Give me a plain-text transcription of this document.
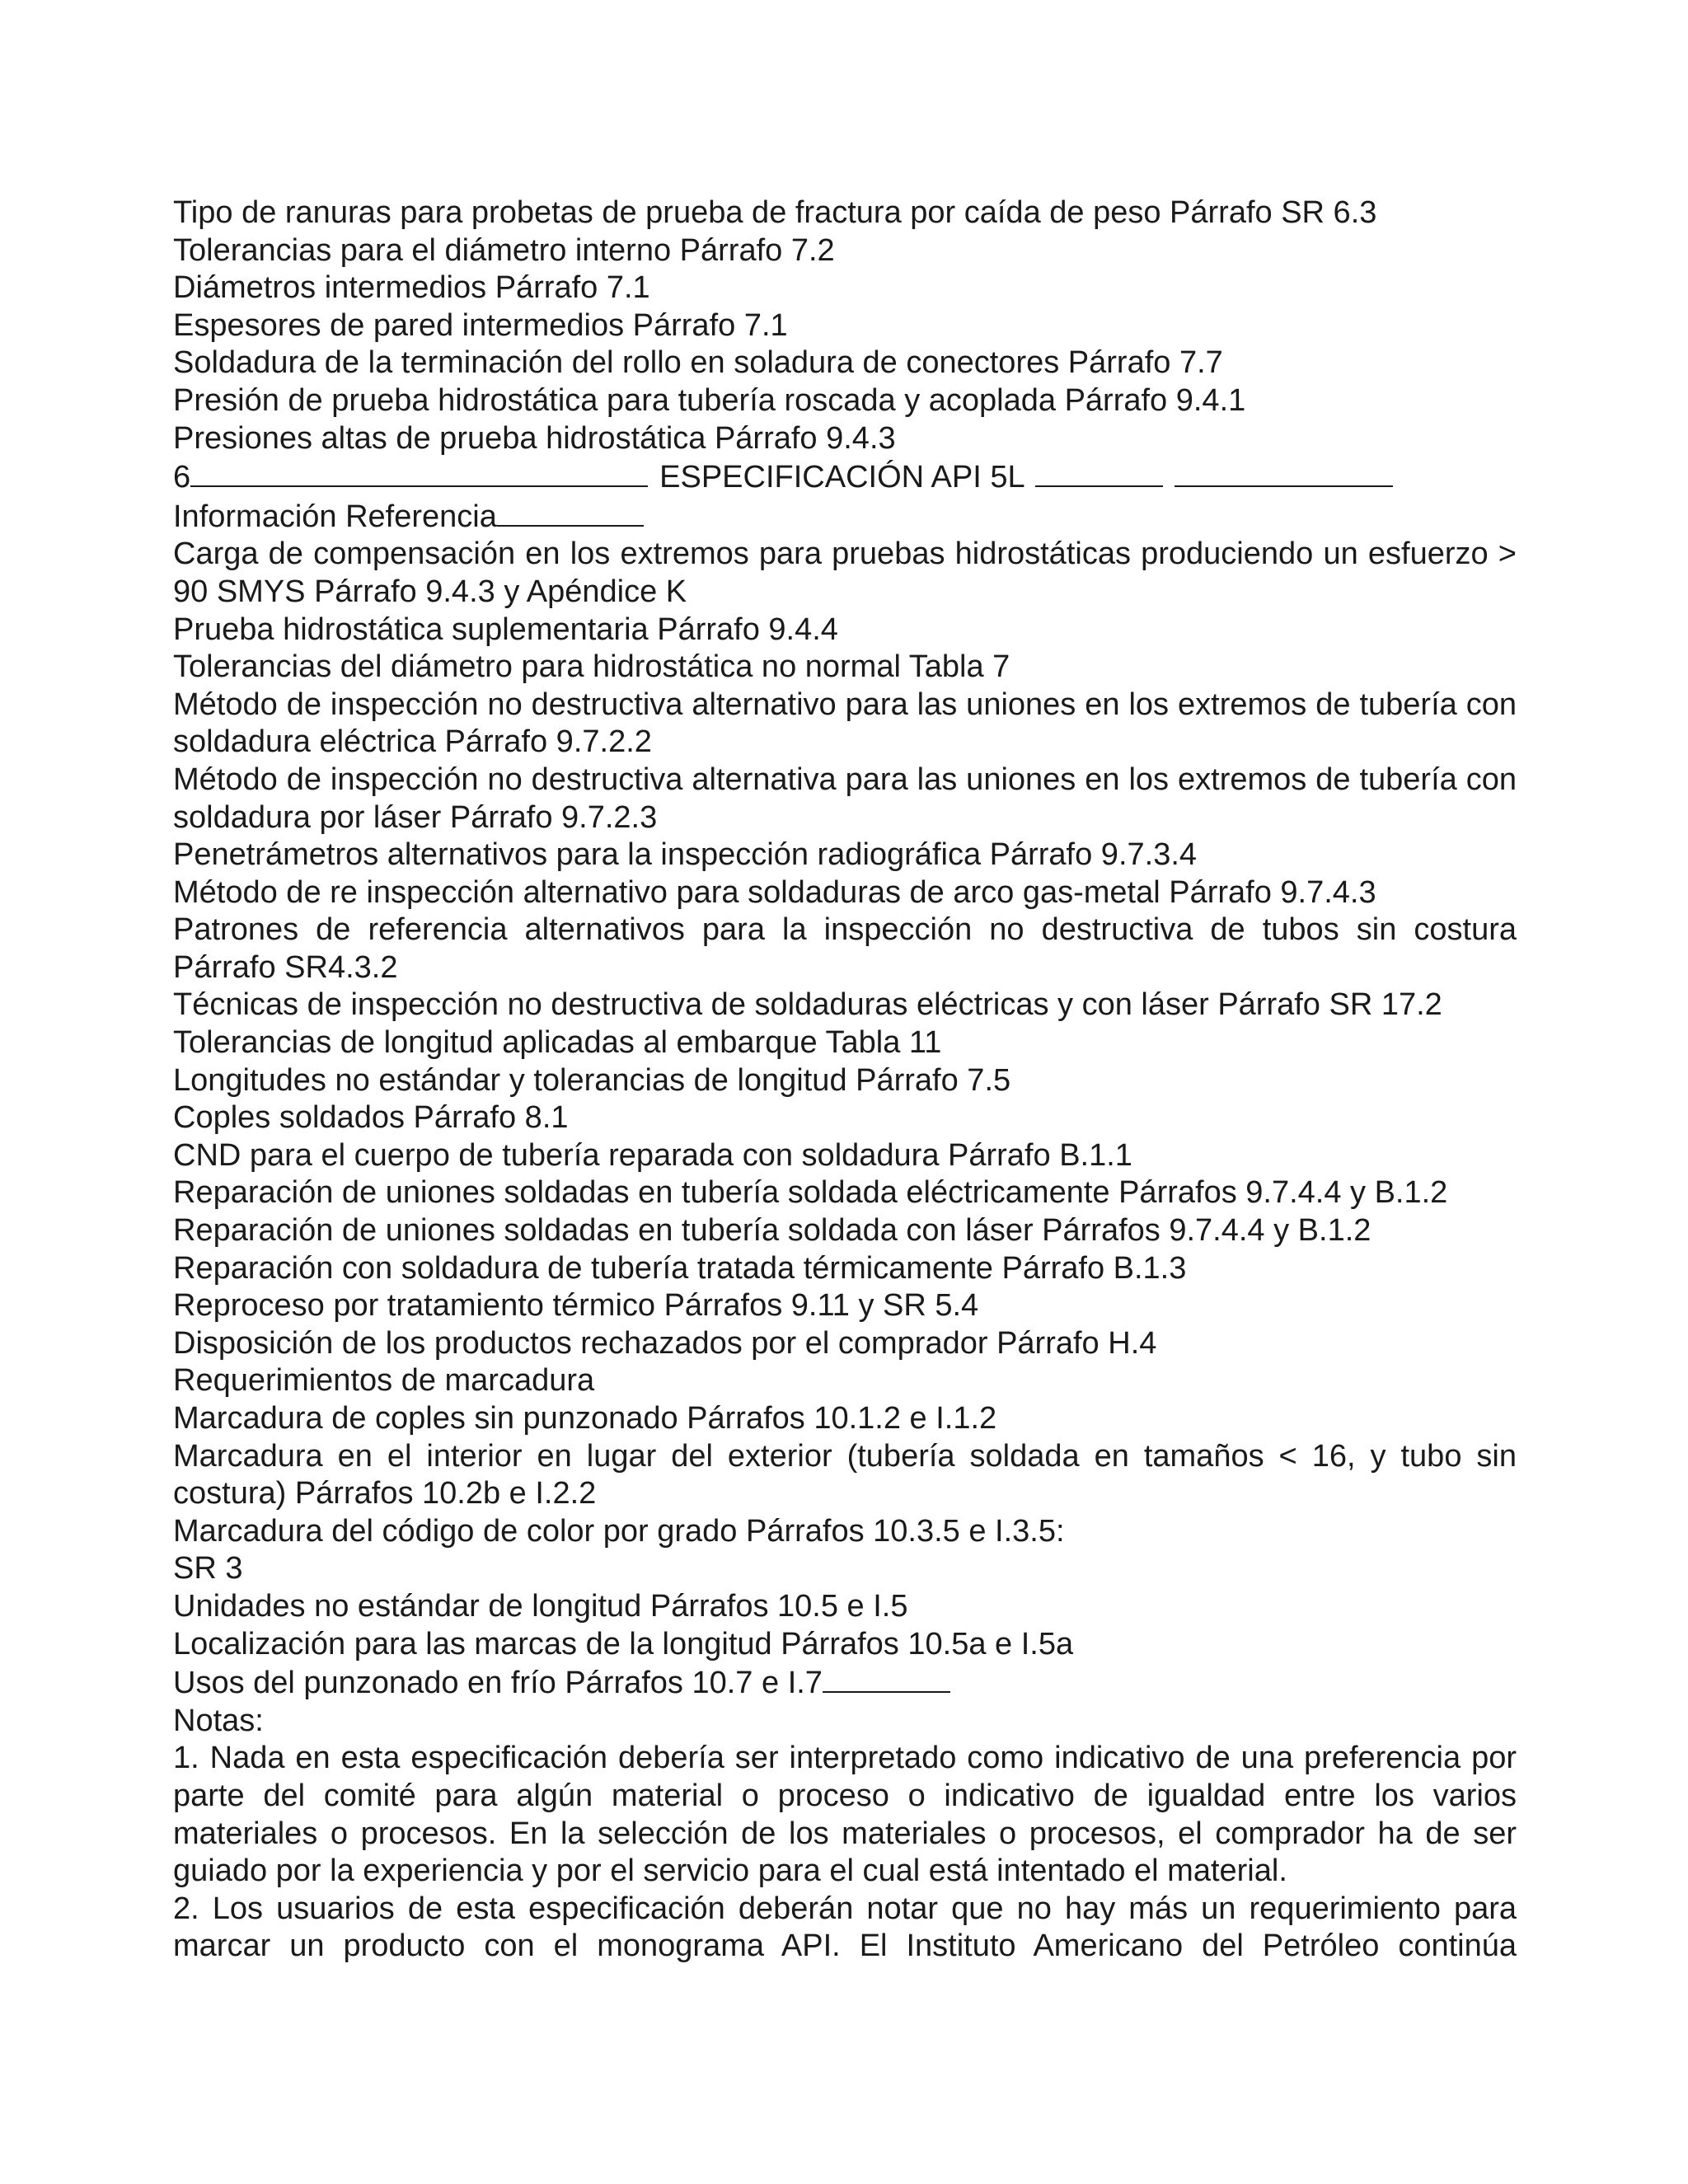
Tipo de ranuras para probetas de prueba de fractura por caída de peso Párrafo SR 6.3
Tolerancias para el diámetro interno Párrafo 7.2
Diámetros intermedios Párrafo 7.1
Espesores de pared intermedios Párrafo 7.1
Soldadura de la terminación del rollo en soladura de conectores Párrafo 7.7
Presión de prueba hidrostática para tubería roscada y acoplada Párrafo 9.4.1
Presiones altas de prueba hidrostática Párrafo 9.4.3
6	ESPECIFICACIÓN API 5L
Información Referencia
Carga de compensación en los extremos para pruebas hidrostáticas produciendo un esfuerzo > 90 SMYS Párrafo 9.4.3 y Apéndice K
Prueba hidrostática suplementaria Párrafo 9.4.4
Tolerancias del diámetro para hidrostática no normal Tabla 7
Método de inspección no destructiva alternativo para las uniones en los extremos de tubería con soldadura eléctrica Párrafo 9.7.2.2
Método de inspección no destructiva alternativa para las uniones en los extremos de tubería con soldadura por láser Párrafo 9.7.2.3
Penetrámetros alternativos para la inspección radiográfica Párrafo 9.7.3.4
Método de re inspección alternativo para soldaduras de arco gas-metal Párrafo 9.7.4.3
Patrones de referencia alternativos para la inspección no destructiva de tubos sin costura Párrafo SR4.3.2
Técnicas de inspección no destructiva de soldaduras eléctricas y con láser Párrafo SR 17.2
Tolerancias de longitud aplicadas al embarque Tabla 11
Longitudes no estándar y tolerancias de longitud Párrafo 7.5
Coples soldados Párrafo 8.1
CND para el cuerpo de tubería reparada con soldadura Párrafo B.1.1
Reparación de uniones soldadas en tubería soldada eléctricamente Párrafos 9.7.4.4 y B.1.2
Reparación de uniones soldadas en tubería soldada con láser Párrafos 9.7.4.4 y B.1.2
Reparación con soldadura de tubería tratada térmicamente Párrafo B.1.3
Reproceso por tratamiento térmico Párrafos 9.11 y SR 5.4
Disposición de los productos rechazados por el comprador Párrafo H.4
Requerimientos de marcadura
Marcadura de coples sin punzonado Párrafos 10.1.2 e I.1.2
Marcadura en el interior en lugar del exterior (tubería soldada en tamaños < 16, y tubo sin costura) Párrafos 10.2b e I.2.2
Marcadura del código de color por grado Párrafos 10.3.5 e I.3.5:
SR 3
Unidades no estándar de longitud Párrafos 10.5 e I.5
Localización para las marcas de la longitud Párrafos 10.5a e I.5a
Usos del punzonado en frío Párrafos 10.7 e I.7
Notas:
1. Nada en esta especificación debería ser interpretado como indicativo de una preferencia por parte del comité para algún material o proceso o indicativo de igualdad entre los varios materiales o procesos. En la selección de los materiales o procesos, el comprador ha de ser guiado por la experiencia y por el servicio para el cual está intentado el material.
2. Los usuarios de esta especificación deberán notar que no hay más un requerimiento para marcar un producto con el monograma API. El Instituto Americano del Petróleo continúa
